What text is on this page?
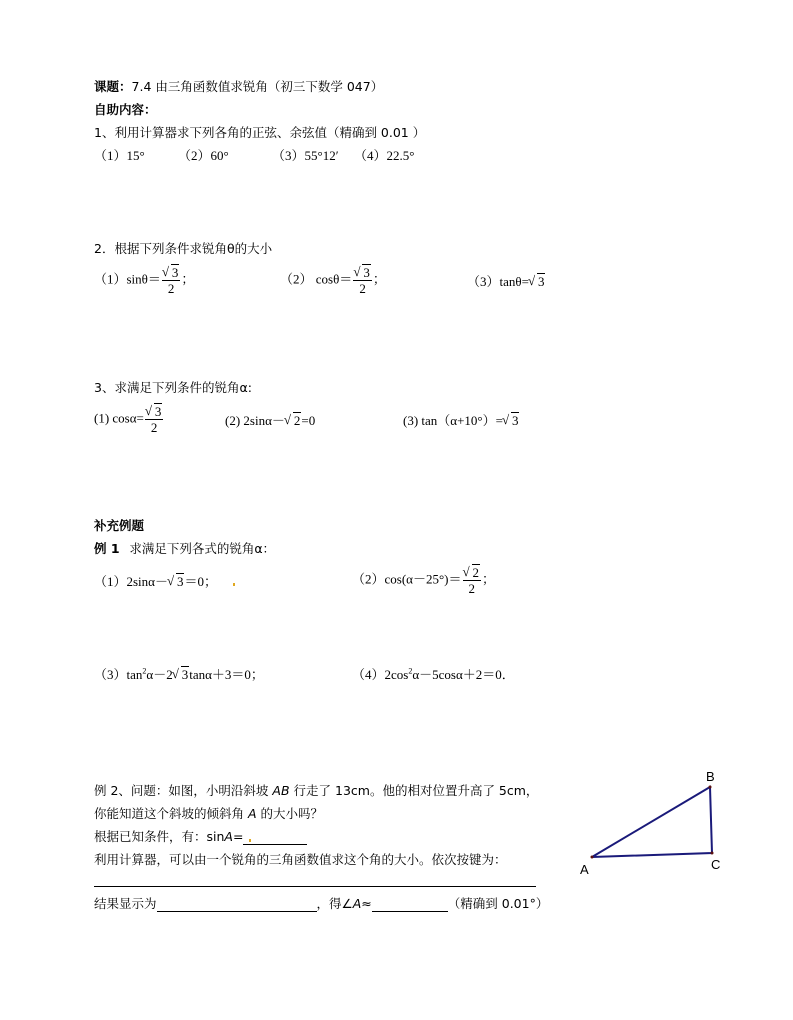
课题：7.4 由三角函数值求锐角（初三下数学 047）
自助内容：
1、利用计算器求下列各角的正弦、余弦值（精确到 0.01 ）
（1）15°	（2）60°	（3）55°12′ （4）22.5°
2．根据下列条件求锐角θ的大小
（1）sinθ＝ √ $\frac{3}{2}$ ；	（2） cosθ＝ √ $\frac{3}{2}$ ；	（3）tanθ= √ 3
3、求满足下列条件的锐角α:
(1) cosα= √ $\frac{3}{2}$	(2) 2sinα－ √ 2=0	(3) tan（α+10°）= √ 3
补充例题
例 1 求满足下列各式的锐角α：
（1）2sinα－ √ 3＝0；	（2）cos(α－25°)＝ √ $\frac{2}{2}$ ；
$(3)\tan^2\alpha-2$ √ 3tanα＋3＝0；	$(4)2\cos^2\alpha-5\cos\alpha+2=0$．
例 2、问题：如图，小明沿斜坡 AB 行走了 13cm。他的相对位置升高了 5cm，
你能知道这个斜坡的倾斜角 A 的大小吗？
根据已知条件，有：sinA=
利用计算器，可以由一个锐角的三角函数值求这个角的大小。依次按键为：
结果显示为	，得∠A≈	（精确到 0.01°）
A
B
C
